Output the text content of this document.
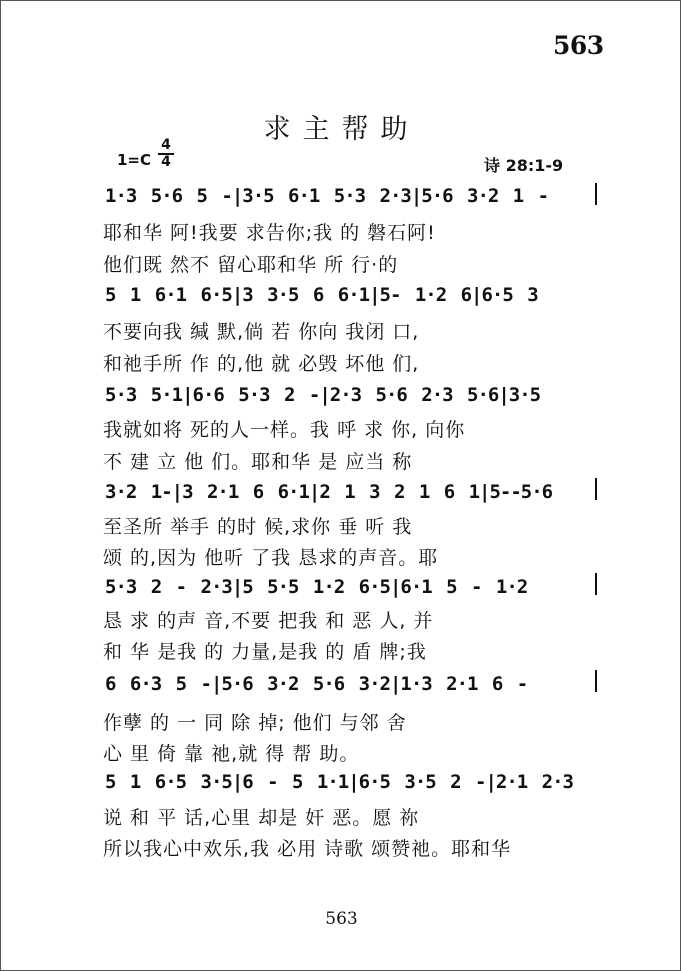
563
求主帮助
1=C
4
4	诗 28:1-9
1·3 5·6 5 -|3·5 6·1 5·3 2·3|5·6 3·2 1 -
耶和华 阿!我要 求告你;我 的 磐石阿!
他们既 然不 留心耶和华 所 行·的
5 1 6·1 6·5|3 3·5 6 6·1|5- 1·2 6|6·5 3
不要向我 缄 默,倘 若 你向 我闭 口,
和祂手所 作 的,他 就 必毁 坏他 们,
5·3 5·1|6·6 5·3 2 -|2·3 5·6 2·3 5·6|3·5
我就如将 死的人一样。我 呼 求 你, 向你
不 建 立 他 们。耶和华 是 应当 称
3·2 1-|3 2·1 6 6·1|2 1 3 2 1 6 1|5--5·6
至圣所 举手 的时 候,求你 垂 听 我
颂 的,因为 他听 了我 恳求的声音。耶
5·3 2 - 2·3|5 5·5 1·2 6·5|6·1 5 - 1·2
恳 求 的声 音,不要 把我 和 恶 人, 并
和 华 是我 的 力量,是我 的 盾 牌;我
6 6·3 5 -|5·6 3·2 5·6 3·2|1·3 2·1 6 -
作孽 的 一 同 除 掉; 他们 与邻 舍
心 里 倚 靠 祂,就 得 帮 助。
5 1 6·5 3·5|6 - 5 1·1|6·5 3·5 2 -|2·1 2·3
说 和 平 话,心里 却是 奸 恶。愿 祢
所以我心中欢乐,我 必用 诗歌 颂赞祂。耶和华
563
